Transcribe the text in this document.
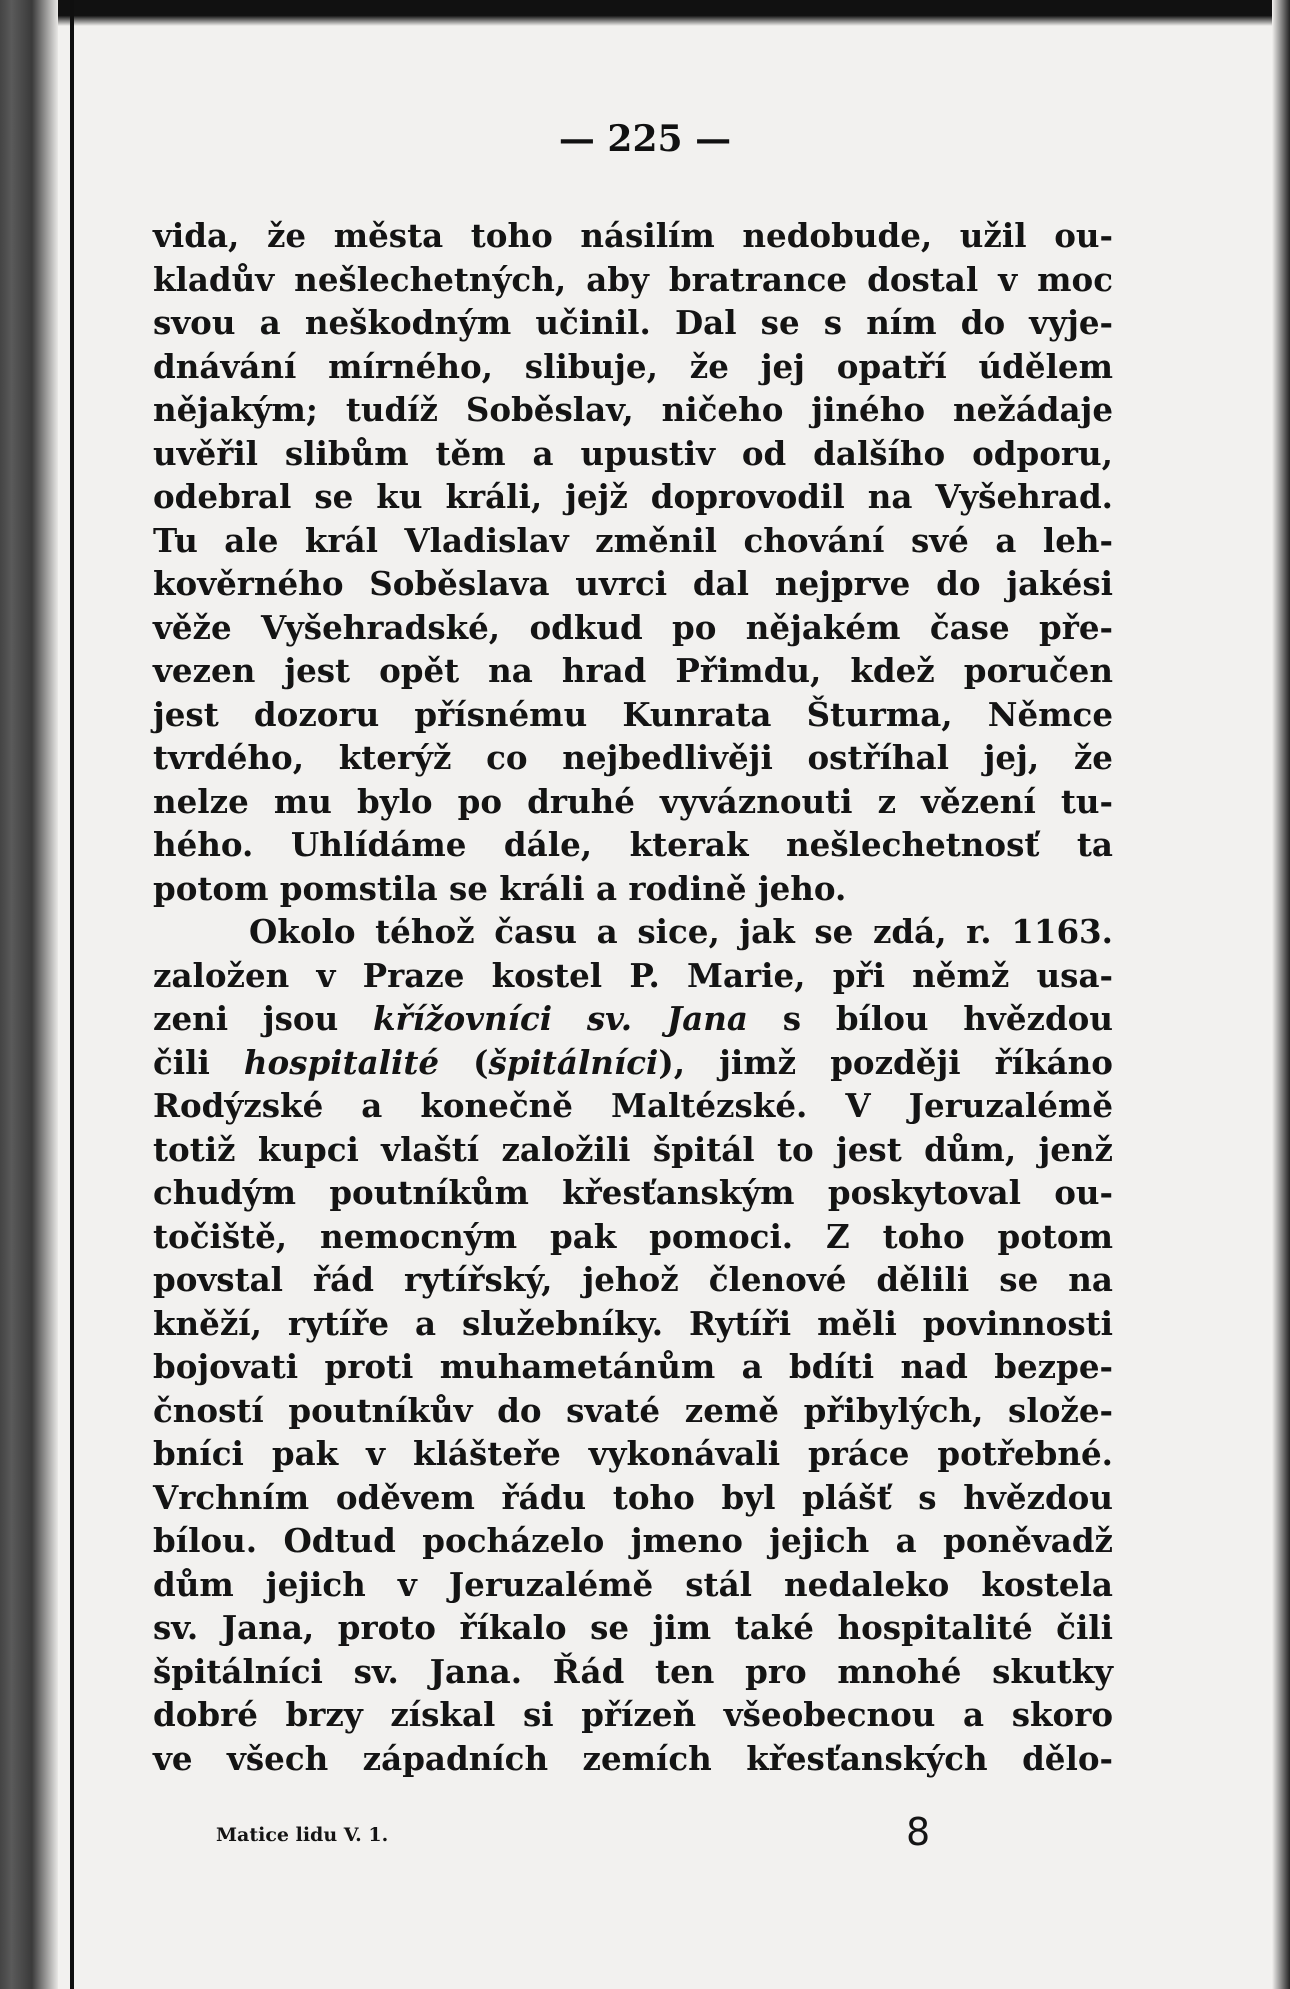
— 225 —

vida, že města toho násilím nedobude, užil ou-
kladův nešlechetných, aby bratrance dostal v moc
svou a neškodným učinil. Dal se s ním do vyje-
dnávání mírného, slibuje, že jej opatří údělem
nějakým; tudíž Soběslav, ničeho jiného nežádaje
uvěřil slibům těm a upustiv od dalšího odporu,
odebral se ku králi, jejž doprovodil na Vyšehrad.
Tu ale král Vladislav změnil chování své a leh-
kověrného Soběslava uvrci dal nejprve do jakési
věže Vyšehradské, odkud po nějakém čase pře-
vezen jest opět na hrad Přimdu, kdež poručen
jest dozoru přísnému Kunrata Šturma, Němce
tvrdého, kterýž co nejbedlivěji ostříhal jej, že
nelze mu bylo po druhé vyváznouti z vězení tu-
hého. Uhlídáme dále, kterak nešlechetnosť ta
potom pomstila se králi a rodině jeho.
Okolo téhož času a sice, jak se zdá, r. 1163.
založen v Praze kostel P. Marie, při němž usa-
zeni jsou křížovníci sv. Jana s bílou hvězdou
čili hospitalité (špitálníci), jimž později říkáno
Rodýzské a konečně Maltézské. V Jeruzalémě
totiž kupci vlaští založili špitál to jest dům, jenž
chudým poutníkům křesťanským poskytoval ou-
točiště, nemocným pak pomoci. Z toho potom
povstal řád rytířský, jehož členové dělili se na
kněží, rytíře a služebníky. Rytíři měli povinnosti
bojovati proti muhametánům a bdíti nad bezpe-
čností poutníkův do svaté země přibylých, slože-
bníci pak v klášteře vykonávali práce potřebné.
Vrchním oděvem řádu toho byl plášť s hvězdou
bílou. Odtud pocházelo jmeno jejich a poněvadž
dům jejich v Jeruzalémě stál nedaleko kostela
sv. Jana, proto říkalo se jim také hospitalité čili
špitálníci sv. Jana. Řád ten pro mnohé skutky
dobré brzy získal si přízeň všeobecnou a skoro
ve všech západních zemích křesťanských dělo-
Matice lidu V. 1.	8
